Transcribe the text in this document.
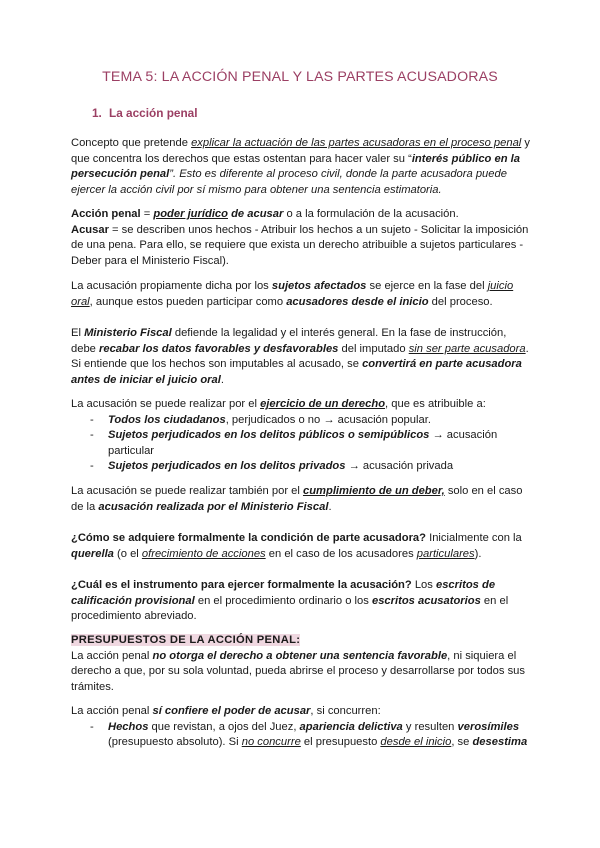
TEMA 5: LA ACCIÓN PENAL Y LAS PARTES ACUSADORAS
1. La acción penal
Concepto que pretende explicar la actuación de las partes acusadoras en el proceso penal y que concentra los derechos que estas ostentan para hacer valer su “interés público en la persecución penal”. Esto es diferente al proceso civil, donde la parte acusadora puede ejercer la acción civil por sí mismo para obtener una sentencia estimatoria.
Acción penal = poder jurídico de acusar o a la formulación de la acusación.
Acusar = se describen unos hechos - Atribuir los hechos a un sujeto - Solicitar la imposición de una pena. Para ello, se requiere que exista un derecho atribuible a sujetos particulares - Deber para el Ministerio Fiscal).
La acusación propiamente dicha por los sujetos afectados se ejerce en la fase del juicio oral, aunque estos pueden participar como acusadores desde el inicio del proceso.
El Ministerio Fiscal defiende la legalidad y el interés general. En la fase de instrucción, debe recabar los datos favorables y desfavorables del imputado sin ser parte acusadora. Si entiende que los hechos son imputables al acusado, se convertirá en parte acusadora antes de iniciar el juicio oral.
La acusación se puede realizar por el ejercicio de un derecho, que es atribuible a:
-	Todos los ciudadanos, perjudicados o no → acusación popular.
-	Sujetos perjudicados en los delitos públicos o semipúblicos → acusación particular
-	Sujetos perjudicados en los delitos privados → acusación privada
La acusación se puede realizar también por el cumplimiento de un deber, solo en el caso de la acusación realizada por el Ministerio Fiscal.
¿Cómo se adquiere formalmente la condición de parte acusadora? Inicialmente con la querella (o el ofrecimiento de acciones en el caso de los acusadores particulares).
¿Cuál es el instrumento para ejercer formalmente la acusación? Los escritos de calificación provisional en el procedimiento ordinario o los escritos acusatorios en el procedimiento abreviado.
PRESUPUESTOS DE LA ACCIÓN PENAL:
La acción penal no otorga el derecho a obtener una sentencia favorable, ni siquiera el derecho a que, por su sola voluntad, pueda abrirse el proceso y desarrollarse por todos sus trámites.
La acción penal sí confiere el poder de acusar, si concurren:
-	Hechos que revistan, a ojos del Juez, apariencia delictiva y resulten verosímiles (presupuesto absoluto). Si no concurre el presupuesto desde el inicio, se desestima
